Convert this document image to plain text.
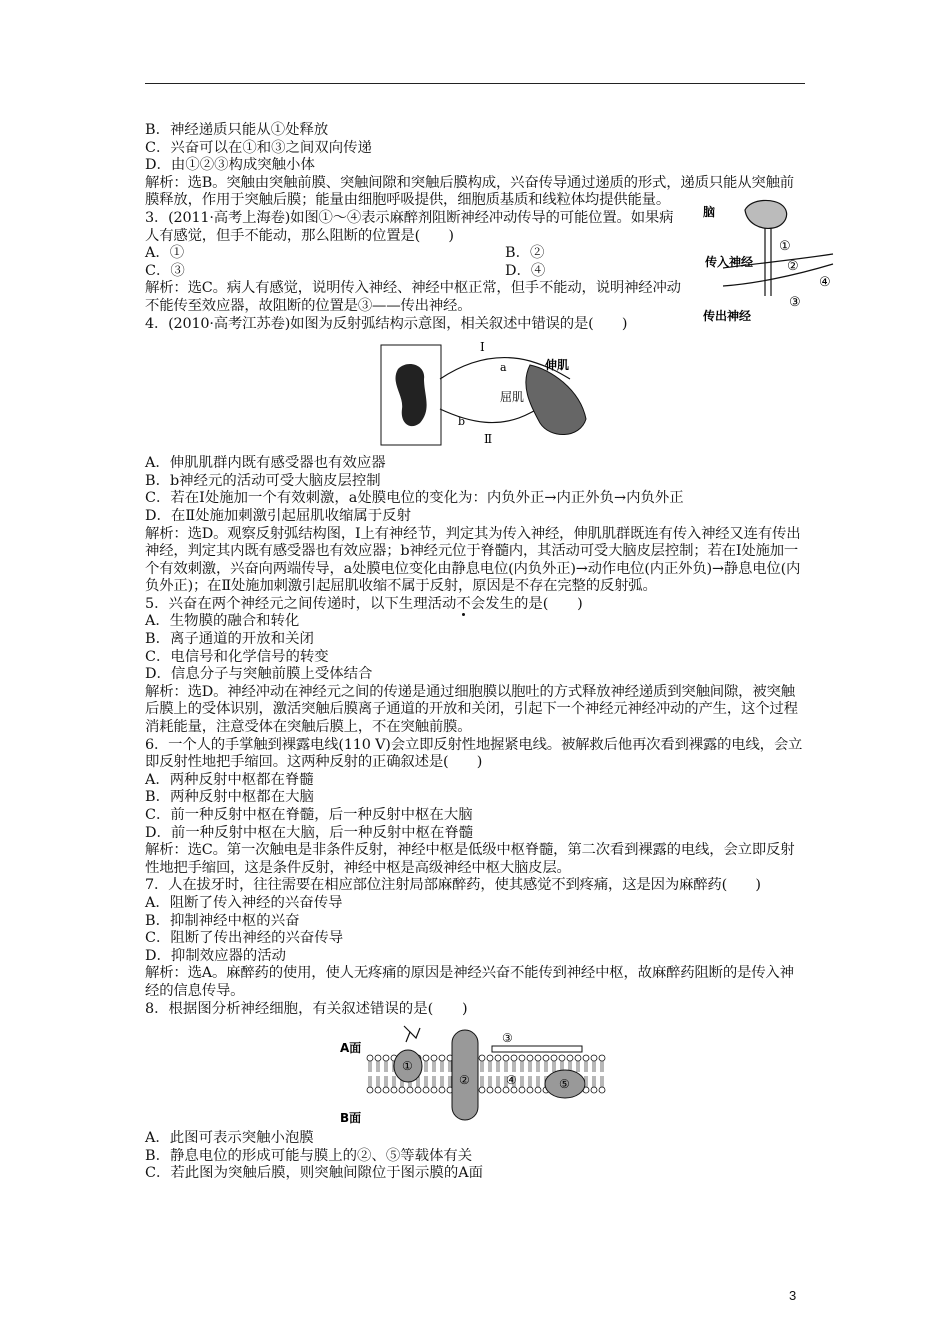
B．神经递质只能从①处释放
C．兴奋可以在①和③之间双向传递
D．由①②③构成突触小体
解析：选B。突触由突触前膜、突触间隙和突触后膜构成，兴奋传导通过递质的形式，递质只能从突触前膜释放，作用于突触后膜；能量由细胞呼吸提供，细胞质基质和线粒体均提供能量。
3．(2011·高考上海卷)如图①～④表示麻醉剂阻断神经冲动传导的可能位置。如果病人有感觉，但手不能动，那么阻断的位置是(　　)
A．①	B．②
C．③	D．④
解析：选C。病人有感觉，说明传入神经、神经中枢正常，但手不能动，说明神经冲动不能传至效应器，故阻断的位置是③——传出神经。
脑
传入神经
传出神经
①
②
③
④
4．(2010·高考江苏卷)如图为反射弧结构示意图，相关叙述中错误的是(　　)
Ⅰ
a
b
Ⅱ
伸肌
屈肌
A．伸肌肌群内既有感受器也有效应器
B．b神经元的活动可受大脑皮层控制
C．若在Ⅰ处施加一个有效刺激，a处膜电位的变化为：内负外正→内正外负→内负外正
D．在Ⅱ处施加刺激引起屈肌收缩属于反射
解析：选D。观察反射弧结构图，Ⅰ上有神经节，判定其为传入神经，伸肌肌群既连有传入神经又连有传出神经，判定其内既有感受器也有效应器；b神经元位于脊髓内，其活动可受大脑皮层控制；若在Ⅰ处施加一个有效刺激，兴奋向两端传导，a处膜电位变化由静息电位(内负外正)→动作电位(内正外负)→静息电位(内负外正)；在Ⅱ处施加刺激引起屈肌收缩不属于反射，原因是不存在完整的反射弧。
5．兴奋在两个神经元之间传递时，以下生理活动不会发生的是(　　)
A．生物膜的融合和转化
B．离子通道的开放和关闭
C．电信号和化学信号的转变
D．信息分子与突触前膜上受体结合
解析：选D。神经冲动在神经元之间的传递是通过细胞膜以胞吐的方式释放神经递质到突触间隙，被突触后膜上的受体识别，激活突触后膜离子通道的开放和关闭，引起下一个神经元神经冲动的产生，这个过程消耗能量，注意受体在突触后膜上，不在突触前膜。
6．一个人的手掌触到裸露电线(110 V)会立即反射性地握紧电线。被解救后他再次看到裸露的电线，会立即反射性地把手缩回。这两种反射的正确叙述是(　　)
A．两种反射中枢都在脊髓
B．两种反射中枢都在大脑
C．前一种反射中枢在脊髓，后一种反射中枢在大脑
D．前一种反射中枢在大脑，后一种反射中枢在脊髓
解析：选C。第一次触电是非条件反射，神经中枢是低级中枢脊髓，第二次看到裸露的电线，会立即反射性地把手缩回，这是条件反射，神经中枢是高级神经中枢大脑皮层。
7．人在拔牙时，往往需要在相应部位注射局部麻醉药，使其感觉不到疼痛，这是因为麻醉药(　　)
A．阻断了传入神经的兴奋传导
B．抑制神经中枢的兴奋
C．阻断了传出神经的兴奋传导
D．抑制效应器的活动
解析：选A。麻醉药的使用，使人无疼痛的原因是神经兴奋不能传到神经中枢，故麻醉药阻断的是传入神经的信息传导。
8．根据图分析神经细胞，有关叙述错误的是(　　)
A面
B面
①
②
③
④	⑤
A．此图可表示突触小泡膜
B．静息电位的形成可能与膜上的②、⑤等载体有关
C．若此图为突触后膜，则突触间隙位于图示膜的A面
3
